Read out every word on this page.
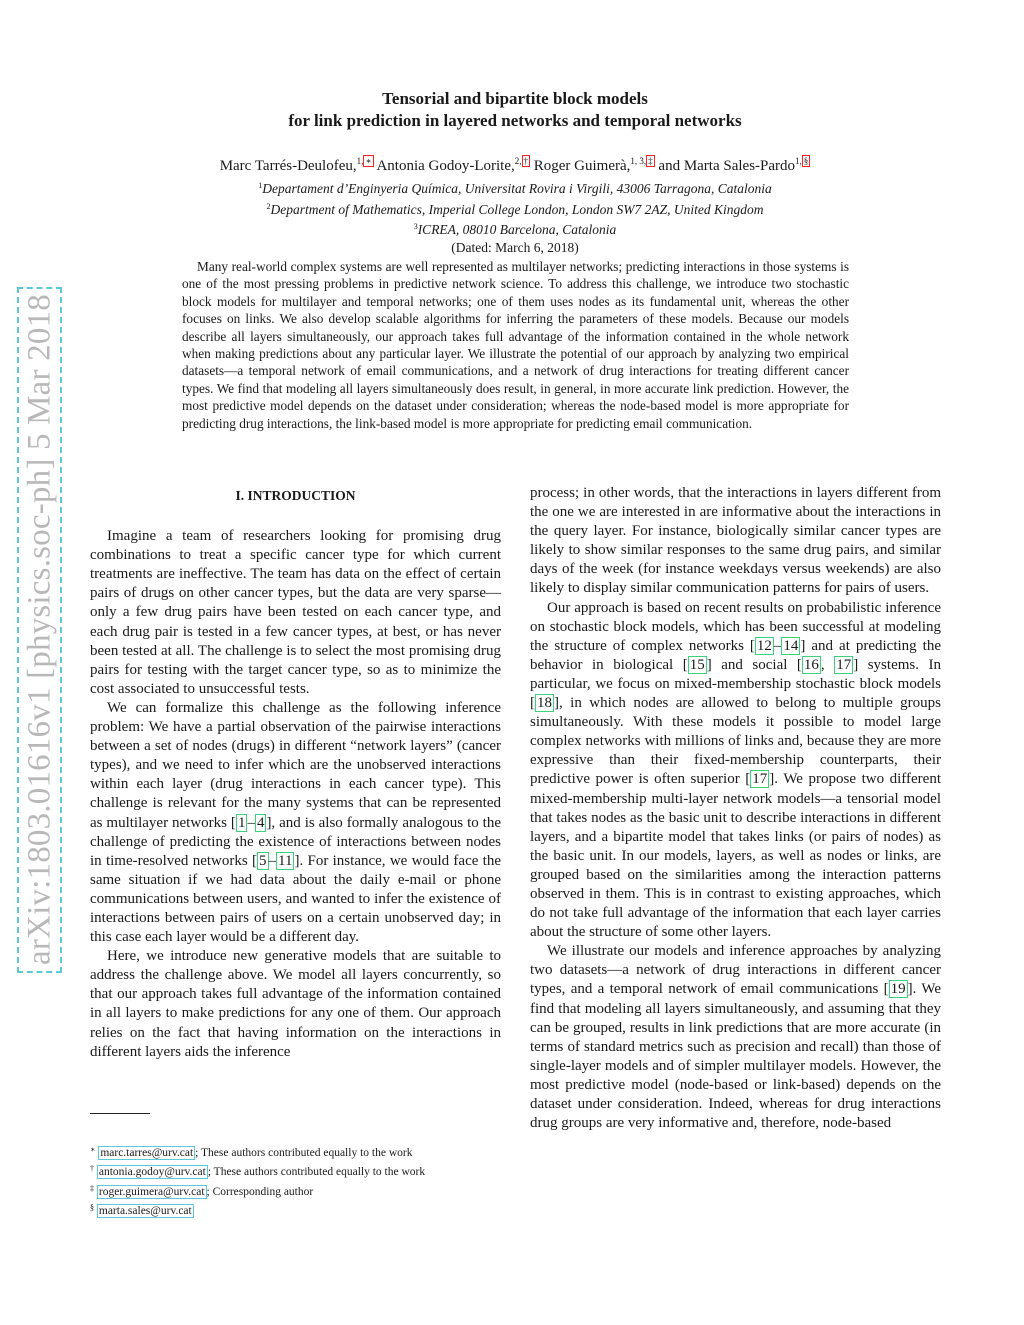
arXiv:1803.01616v1 [physics.soc-ph] 5 Mar 2018
Tensorial and bipartite block models
for link prediction in layered networks and temporal networks
Marc Tarrés-Deulofeu,$^{1, ∗}$ Antonia Godoy-Lorite,$^{2, \dagger}$ Roger Guimerà,$^{1, 3, \ddagger}$ and Marta Sales-Pardo$^{1, \S}$
$^1$Departament d’Enginyeria Química, Universitat Rovira i Virgili, 43006 Tarragona, Catalonia
$^2$Department of Mathematics, Imperial College London, London SW7 2AZ, United Kingdom
$^3$ICREA, 08010 Barcelona, Catalonia
(Dated: March 6, 2018)
Many real-world complex systems are well represented as multilayer networks; predicting interactions in those systems is one of the most pressing problems in predictive network science. To address this challenge, we introduce two stochastic block models for multilayer and temporal networks; one of them uses nodes as its fundamental unit, whereas the other focuses on links. We also develop scalable algorithms for inferring the parameters of these models. Because our models describe all layers simultaneously, our approach takes full advantage of the information contained in the whole network when making predictions about any particular layer. We illustrate the potential of our approach by analyzing two empirical datasets—a temporal network of email communications, and a network of drug interactions for treating different cancer types. We find that modeling all layers simultaneously does result, in general, in more accurate link prediction. However, the most predictive model depends on the dataset under consideration; whereas the node-based model is more appropriate for predicting drug interactions, the link-based model is more appropriate for predicting email communication.
I. INTRODUCTION

Imagine a team of researchers looking for promising drug combinations to treat a specific cancer type for which current treatments are ineffective. The team has data on the effect of certain pairs of drugs on other cancer types, but the data are very sparse—only a few drug pairs have been tested on each cancer type, and each drug pair is tested in a few cancer types, at best, or has never been tested at all. The challenge is to select the most promising drug pairs for testing with the target cancer type, so as to minimize the cost associated to unsuccessful tests.

We can formalize this challenge as the following inference problem: We have a partial observation of the pairwise interactions between a set of nodes (drugs) in different “network layers” (cancer types), and we need to infer which are the unobserved interactions within each layer (drug interactions in each cancer type). This challenge is relevant for the many systems that can be represented as multilayer networks [ 1 – 4 ], and is also formally analogous to the challenge of predicting the existence of interactions between nodes in time-resolved networks [ 5 – 11 ]. For instance, we would face the same situation if we had data about the daily e-mail or phone communications between users, and wanted to infer the existence of interactions between pairs of users on a certain unobserved day; in this case each layer would be a different day.

Here, we introduce new generative models that are suitable to address the challenge above. We model all layers concurrently, so that our approach takes full advantage of the information contained in all layers to make predictions for any one of them. Our approach relies on the fact that having information on the interactions in different layers aids the inference

process; in other words, that the interactions in layers different from the one we are interested in are informative about the interactions in the query layer. For instance, biologically similar cancer types are likely to show similar responses to the same drug pairs, and similar days of the week (for instance weekdays versus weekends) are also likely to display similar communication patterns for pairs of users.

Our approach is based on recent results on probabilistic inference on stochastic block models, which has been successful at modeling the structure of complex networks [ 12 – 14 ] and at predicting the behavior in biological [ 15 ] and social [ 16 , 17 ] systems. In particular, we focus on mixed-membership stochastic block models [ 18 ], in which nodes are allowed to belong to multiple groups simultaneously. With these models it possible to model large complex networks with millions of links and, because they are more expressive than their fixed-membership counterparts, their predictive power is often superior [ 17 ]. We propose two different mixed-membership multi-layer network models—a tensorial model that takes nodes as the basic unit to describe interactions in different layers, and a bipartite model that takes links (or pairs of nodes) as the basic unit. In our models, layers, as well as nodes or links, are grouped based on the similarities among the interaction patterns observed in them. This is in contrast to existing approaches, which do not take full advantage of the information that each layer carries about the structure of some other layers.

We illustrate our models and inference approaches by analyzing two datasets—a network of drug interactions in different cancer types, and a temporal network of email communications [ 19 ]. We find that modeling all layers simultaneously, and assuming that they can be grouped, results in link predictions that are more accurate (in terms of standard metrics such as precision and recall) than those of single-layer models and of simpler multilayer models. However, the most predictive model (node-based or link-based) depends on the dataset under consideration. Indeed, whereas for drug interactions drug groups are very informative and, therefore, node-based

∗ marc.tarres@urv.cat ; These authors contributed equally to the work
† antonia.godoy@urv.cat ; These authors contributed equally to the work
‡ roger.guimera@urv.cat ; Corresponding author
§ marta.sales@urv.cat
